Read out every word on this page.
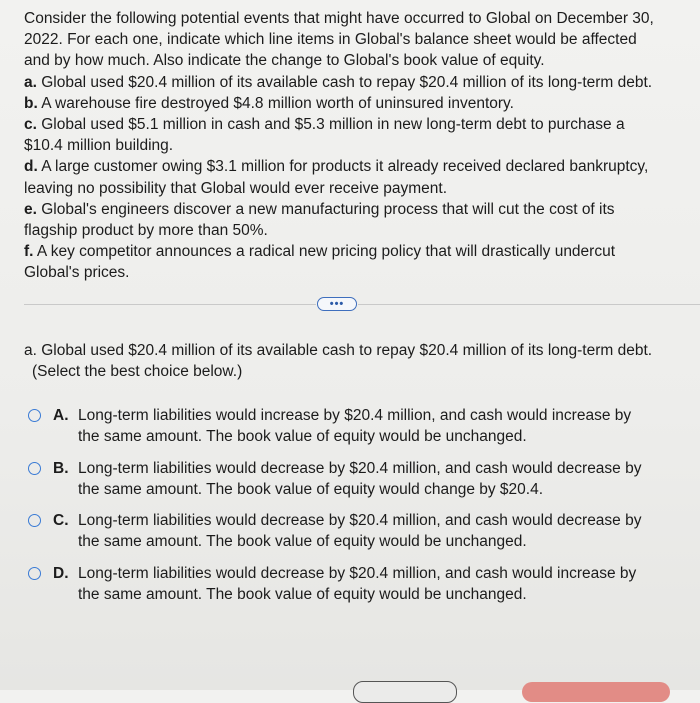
Consider the following potential events that might have occurred to Global on December 30,

2022. For each one, indicate which line items in Global's balance sheet would be affected

and by how much. Also indicate the change to Global's book value of equity.

a. Global used $20.4 million of its available cash to repay $20.4 million of its long-term debt.

b. A warehouse fire destroyed $4.8 million worth of uninsured inventory.

c. Global used $5.1 million in cash and $5.3 million in new long-term debt to purchase a

$10.4 million building.

d. A large customer owing $3.1 million for products it already received declared bankruptcy,

leaving no possibility that Global would ever receive payment.

e. Global's engineers discover a new manufacturing process that will cut the cost of its

flagship product by more than 50%.

f. A key competitor announces a radical new pricing policy that will drastically undercut

Global's prices.

•••
a. Global used $20.4 million of its available cash to repay $20.4 million of its long-term debt.

(Select the best choice below.)
A. Long-term liabilities would increase by $20.4 million, and cash would increase by
the same amount. The book value of equity would be unchanged.
B. Long-term liabilities would decrease by $20.4 million, and cash would decrease by
the same amount. The book value of equity would change by $20.4.
C. Long-term liabilities would decrease by $20.4 million, and cash would decrease by
the same amount. The book value of equity would be unchanged.
D. Long-term liabilities would decrease by $20.4 million, and cash would increase by
the same amount. The book value of equity would be unchanged.
